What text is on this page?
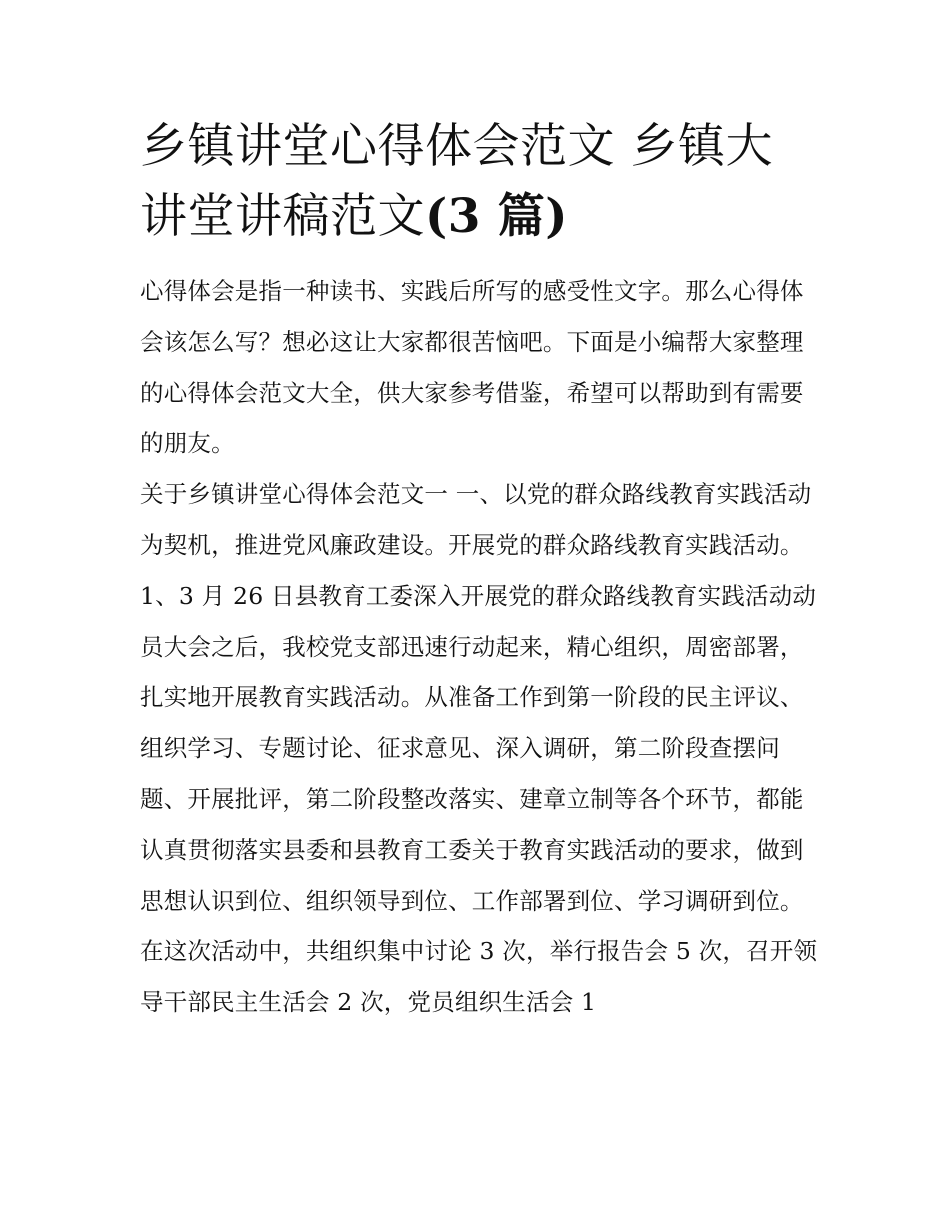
乡镇讲堂心得体会范文 乡镇大讲堂讲稿范文(3 篇)

心得体会是指一种读书、实践后所写的感受性文字。那么心得体会该怎么写？想必这让大家都很苦恼吧。下面是小编帮大家整理的心得体会范文大全，供大家参考借鉴，希望可以帮助到有需要的朋友。

关于乡镇讲堂心得体会范文一 一、以党的群众路线教育实践活动为契机，推进党风廉政建设。开展党的群众路线教育实践活动。

1、3 月 26 日县教育工委深入开展党的群众路线教育实践活动动员大会之后，我校党支部迅速行动起来，精心组织，周密部署，扎实地开展教育实践活动。从准备工作到第一阶段的民主评议、组织学习、专题讨论、征求意见、深入调研，第二阶段查摆问题、开展批评，第二阶段整改落实、建章立制等各个环节，都能认真贯彻落实县委和县教育工委关于教育实践活动的要求，做到思想认识到位、组织领导到位、工作部署到位、学习调研到位。在这次活动中，共组织集中讨论 3 次，举行报告会 5 次，召开领导干部民主生活会 2 次，党员组织生活会 1
